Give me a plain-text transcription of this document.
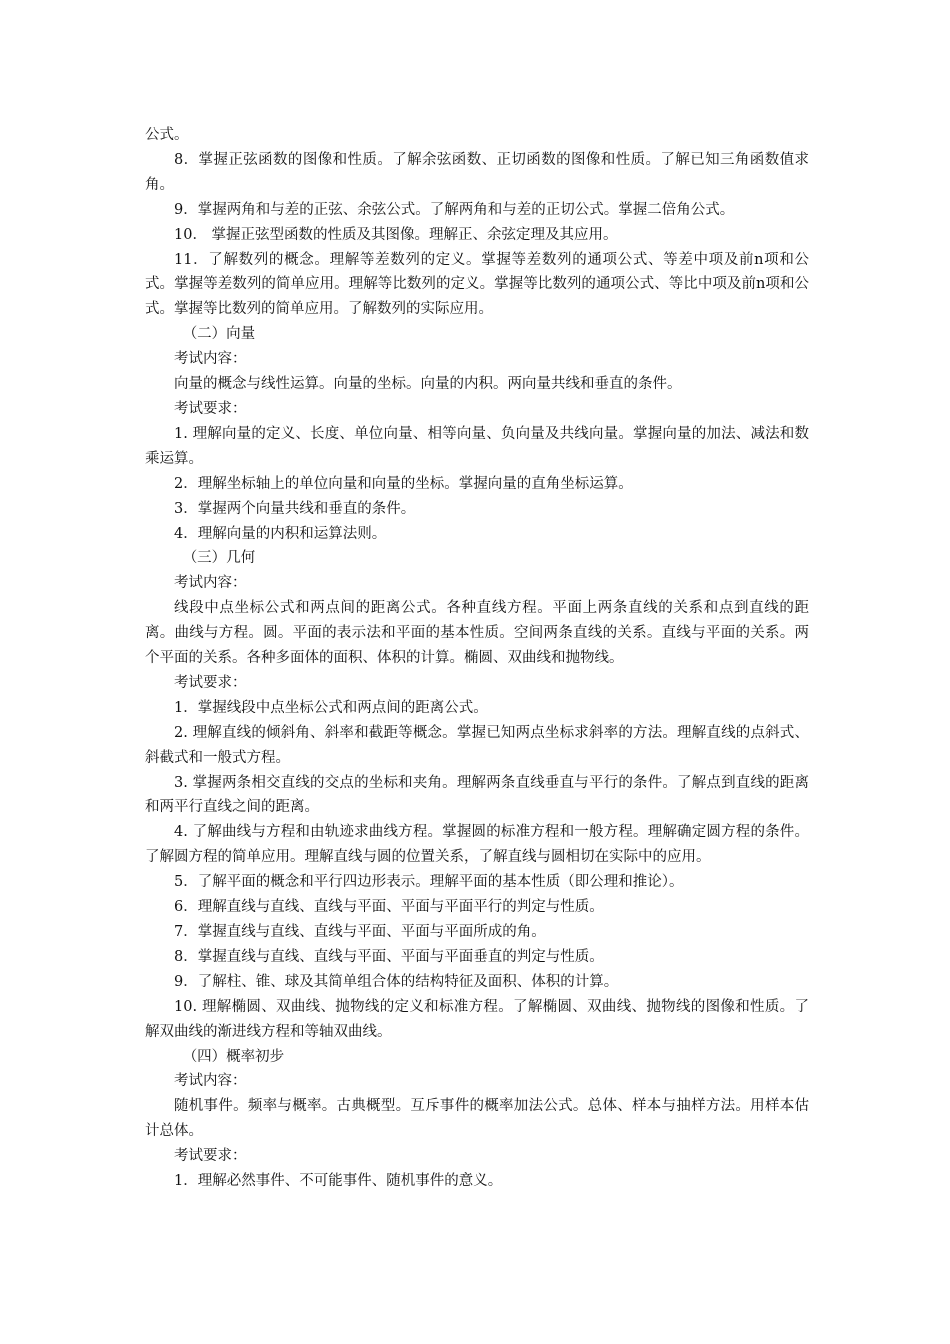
公式。

8．掌握正弦函数的图像和性质。了解余弦函数、正切函数的图像和性质。了解已知三角函数值求角。

9．掌握两角和与差的正弦、余弦公式。了解两角和与差的正切公式。掌握二倍角公式。

10． 掌握正弦型函数的性质及其图像。理解正、余弦定理及其应用。

11．了解数列的概念。理解等差数列的定义。掌握等差数列的通项公式、等差中项及前n项和公式。掌握等差数列的简单应用。理解等比数列的定义。掌握等比数列的通项公式、等比中项及前n项和公式。掌握等比数列的简单应用。了解数列的实际应用。

（二）向量

考试内容：

向量的概念与线性运算。向量的坐标。向量的内积。两向量共线和垂直的条件。

考试要求：

1. 理解向量的定义、长度、单位向量、相等向量、负向量及共线向量。掌握向量的加法、减法和数乘运算。

2．理解坐标轴上的单位向量和向量的坐标。掌握向量的直角坐标运算。

3．掌握两个向量共线和垂直的条件。

4．理解向量的内积和运算法则。

（三）几何

考试内容：

线段中点坐标公式和两点间的距离公式。各种直线方程。平面上两条直线的关系和点到直线的距离。曲线与方程。圆。平面的表示法和平面的基本性质。空间两条直线的关系。直线与平面的关系。两个平面的关系。各种多面体的面积、体积的计算。椭圆、双曲线和抛物线。

考试要求：

1．掌握线段中点坐标公式和两点间的距离公式。

2. 理解直线的倾斜角、斜率和截距等概念。掌握已知两点坐标求斜率的方法。理解直线的点斜式、斜截式和一般式方程。

3. 掌握两条相交直线的交点的坐标和夹角。理解两条直线垂直与平行的条件。了解点到直线的距离和两平行直线之间的距离。

4. 了解曲线与方程和由轨迹求曲线方程。掌握圆的标准方程和一般方程。理解确定圆方程的条件。了解圆方程的简单应用。理解直线与圆的位置关系，了解直线与圆相切在实际中的应用。

5．了解平面的概念和平行四边形表示。理解平面的基本性质（即公理和推论）。

6．理解直线与直线、直线与平面、平面与平面平行的判定与性质。

7．掌握直线与直线、直线与平面、平面与平面所成的角。

8．掌握直线与直线、直线与平面、平面与平面垂直的判定与性质。

9．了解柱、锥、球及其简单组合体的结构特征及面积、体积的计算。

10. 理解椭圆、双曲线、抛物线的定义和标准方程。了解椭圆、双曲线、抛物线的图像和性质。了解双曲线的渐进线方程和等轴双曲线。

（四）概率初步

考试内容：

随机事件。频率与概率。古典概型。互斥事件的概率加法公式。总体、样本与抽样方法。用样本估计总体。

考试要求：

1．理解必然事件、不可能事件、随机事件的意义。
